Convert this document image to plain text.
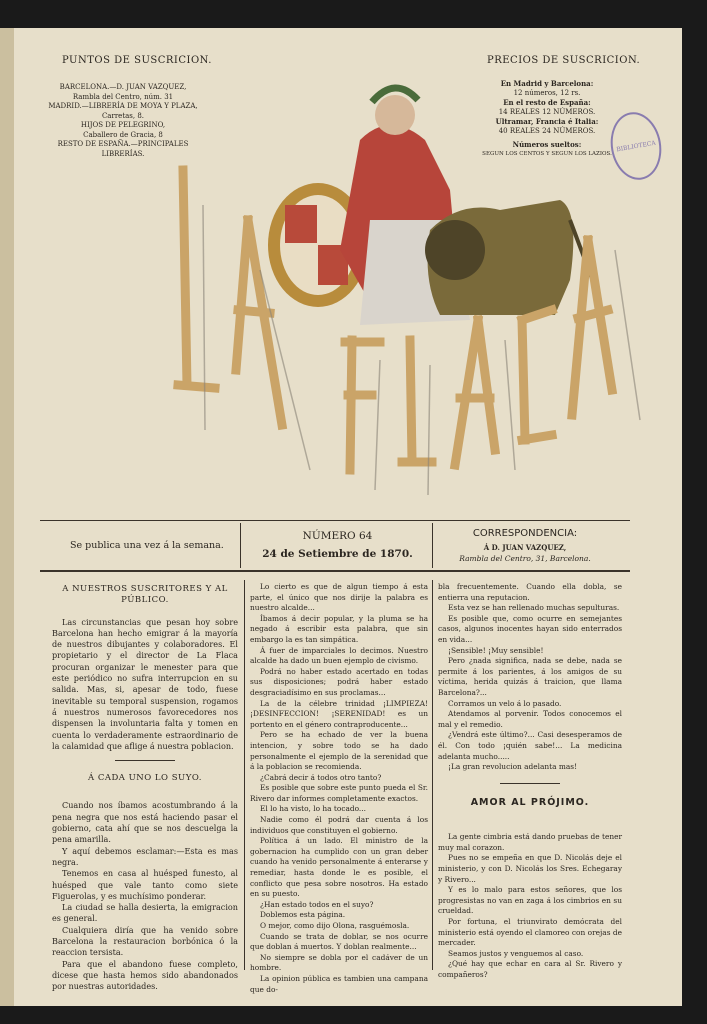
PUNTOS DE SUSCRICION.
BARCELONA.—D. JUAN VAZQUEZ,
Rambla del Centro, núm. 31
MADRID.—LIBRERÍA DE MOYA Y PLAZA,
Carretas, 8.
HIJOS DE PELEGRINO,
Caballero de Gracia, 8
RESTO DE ESPAÑA.—PRINCIPALES
LIBRERÍAS.
PRECIOS DE SUSCRICION.
En Madrid y Barcelona:
12 números, 12 rs.
En el resto de España:
14 REALES 12 NÚMEROS.
Ultramar, Francia é Italia:
40 REALES 24 NÚMEROS.
Números sueltos:
SEGUN LOS CENTOS Y SEGUN LOS LAZIOS.
BIBLIOTECA
Se publica una vez á la semana.
NÚMERO 64
24 de Setiembre de 1870.
CORRESPONDENCIA:
Á D. JUAN VAZQUEZ,
Rambla del Centro, 31, Barcelona.
A NUESTROS SUSCRITORES Y AL PÚBLICO.

Las circunstancias que pesan hoy sobre Barcelona han hecho emigrar á la mayoría de nuestros dibujantes y colaboradores. El propietario y el director de La Flaca procuran organizar le menester para que este periódico no sufra interrupcion en su salida. Mas, si, apesar de todo, fuese inevitable su temporal suspension, rogamos á nuestros numerosos favorecedores nos dispensen la involuntaria falta y tomen en cuenta lo verdaderamente estraordinario de la calamidad que aflige á nuestra poblacion.

Á CADA UNO LO SUYO.

Cuando nos íbamos acostumbrando á la pena negra que nos está haciendo pasar el gobierno, cata ahí que se nos descuelga la pena amarilla.

Y aquí debemos esclamar:—Esta es mas negra.

Tenemos en casa al huésped funesto, al huésped que vale tanto como siete Figuerolas, y es muchísimo ponderar.

La ciudad se halla desierta, la emigracion es general.

Cualquiera diría que ha venido sobre Barcelona la restauracion borbónica ó la reaccion tersista.

Para que el abandono fuese completo, dicese que hasta hemos sido abandonados por nuestras autoridades.

Lo cierto es que de algun tiempo á esta parte, el único que nos dirije la palabra es nuestro alcalde...

Íbamos á decir popular, y la pluma se ha negado á escribir esta palabra, que sin embargo la es tan simpática.

Á fuer de imparciales lo decimos. Nuestro alcalde ha dado un buen ejemplo de civismo.

Podrá no haber estado acertado en todas sus disposiciones; podrá haber estado desgraciadísimo en sus proclamas...

La de la célebre trinidad ¡LIMPIEZA! ¡DESINFECCION! ¡SERENIDAD! es un portento en el género contraproducente...

Pero se ha echado de ver la buena intencion, y sobre todo se ha dado personalmente el ejemplo de la serenidad que á la poblacion se recomienda.

¿Cabrá decir á todos otro tanto?

Es posible que sobre este punto pueda el Sr. Rivero dar informes completamente exactos.

El lo ha visto, lo ha tocado...

Nadie como él podrá dar cuenta á los individuos que constituyen el gobierno.

Política á un lado. El ministro de la gobernacion ha cumplido con un gran deber cuando ha venido personalmente á enterarse y remediar, hasta donde le es posible, el conflicto que pesa sobre nosotros. Ha estado en su puesto.

¿Han estado todos en el suyo?

Doblemos esta página.

O mejor, como dijo Olona, rasguémosla.

Cuando se trata de doblar, se nos ocurre que doblan á muertos. Y doblan realmente...

No siempre se dobla por el cadáver de un hombre.

La opinion pública es tambien una campana que do-

bla frecuentemente. Cuando ella dobla, se entierra una reputacion.

Esta vez se han rellenado muchas sepulturas.

Es posible que, como ocurre en semejantes casos, algunos inocentes hayan sido enterrados en vida...

¡Sensible! ¡Muy sensible!

Pero ¿nada significa, nada se debe, nada se permite á los parientes, á los amigos de su víctima, herida quizás á traicion, que llama Barcelona?...

Corramos un velo á lo pasado.

Atendamos al porvenir. Todos conocemos el mal y el remedio.

¿Vendrá este último?... Casi desesperamos de él. Con todo ¡quién sabe!... La medicina adelanta mucho.....

¡La gran revolucion adelanta mas!

AMOR AL PRÓJIMO.

La gente cimbria está dando pruebas de tener muy mal corazon.

Pues no se empeña en que D. Nicolás deje el ministerio, y con D. Nicolás los Sres. Echegaray y Rivero...

Y es lo malo para estos señores, que los progresistas no van en zaga á los cimbrios en su crueldad.

Por fortuna, el triunvirato demócrata del ministerio está oyendo el clamoreo con orejas de mercader.

Seamos justos y venguemos al caso.

¿Qué hay que echar en cara al Sr. Rivero y compañeros?
